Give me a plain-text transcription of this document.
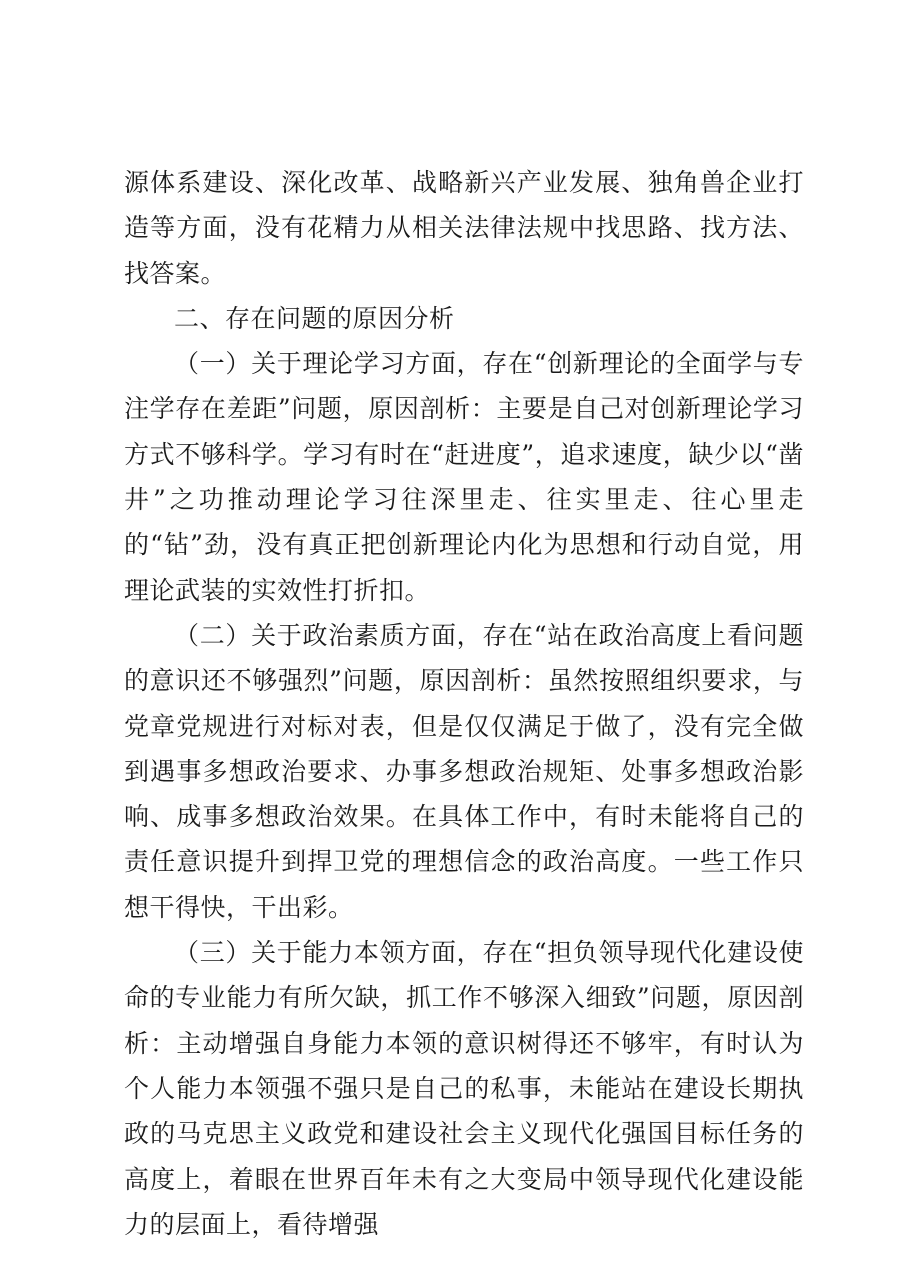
源体系建设、深化改革、战略新兴产业发展、独角兽企业打造等方面，没有花精力从相关法律法规中找思路、找方法、找答案。

二、存在问题的原因分析

（一）关于理论学习方面，存在“创新理论的全面学与专注学存在差距”问题，原因剖析：主要是自己对创新理论学习方式不够科学。学习有时在“赶进度”，追求速度，缺少以“凿井”之功推动理论学习往深里走、往实里走、往心里走的“钻”劲，没有真正把创新理论内化为思想和行动自觉，用理论武装的实效性打折扣。

（二）关于政治素质方面，存在“站在政治高度上看问题的意识还不够强烈”问题，原因剖析：虽然按照组织要求，与党章党规进行对标对表，但是仅仅满足于做了，没有完全做到遇事多想政治要求、办事多想政治规矩、处事多想政治影响、成事多想政治效果。在具体工作中，有时未能将自己的责任意识提升到捍卫党的理想信念的政治高度。一些工作只想干得快，干出彩。

（三）关于能力本领方面，存在“担负领导现代化建设使命的专业能力有所欠缺，抓工作不够深入细致”问题，原因剖析：主动增强自身能力本领的意识树得还不够牢，有时认为个人能力本领强不强只是自己的私事，未能站在建设长期执政的马克思主义政党和建设社会主义现代化强国目标任务的高度上，着眼在世界百年未有之大变局中领导现代化建设能力的层面上，看待增强
